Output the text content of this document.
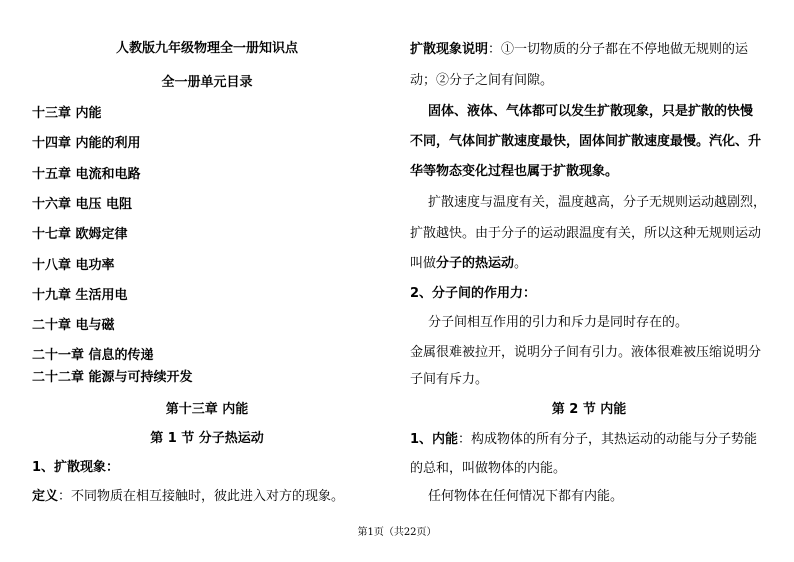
人教版九年级物理全一册知识点
全一册单元目录
十三章 内能
十四章 内能的利用
十五章 电流和电路
十六章 电压 电阻
十七章 欧姆定律
十八章 电功率
十九章 生活用电
二十章 电与磁
二十一章 信息的传递
二十二章 能源与可持续开发
第十三章 内能
第 1 节 分子热运动
1、扩散现象：
定义：不同物质在相互接触时，彼此进入对方的现象。
扩散现象说明：①一切物质的分子都在不停地做无规则的运
动；②分子之间有间隙。
固体、液体、气体都可以发生扩散现象，只是扩散的快慢
不同，气体间扩散速度最快，固体间扩散速度最慢。汽化、升
华等物态变化过程也属于扩散现象。
扩散速度与温度有关，温度越高，分子无规则运动越剧烈，
扩散越快。由于分子的运动跟温度有关，所以这种无规则运动
叫做分子的热运动。
2、分子间的作用力：
分子间相互作用的引力和斥力是同时存在的。
金属很难被拉开，说明分子间有引力。液体很难被压缩说明分
子间有斥力。
第 2 节 内能
1、内能：构成物体的所有分子，其热运动的动能与分子势能
的总和，叫做物体的内能。
任何物体在任何情况下都有内能。
第1页（共22页）
